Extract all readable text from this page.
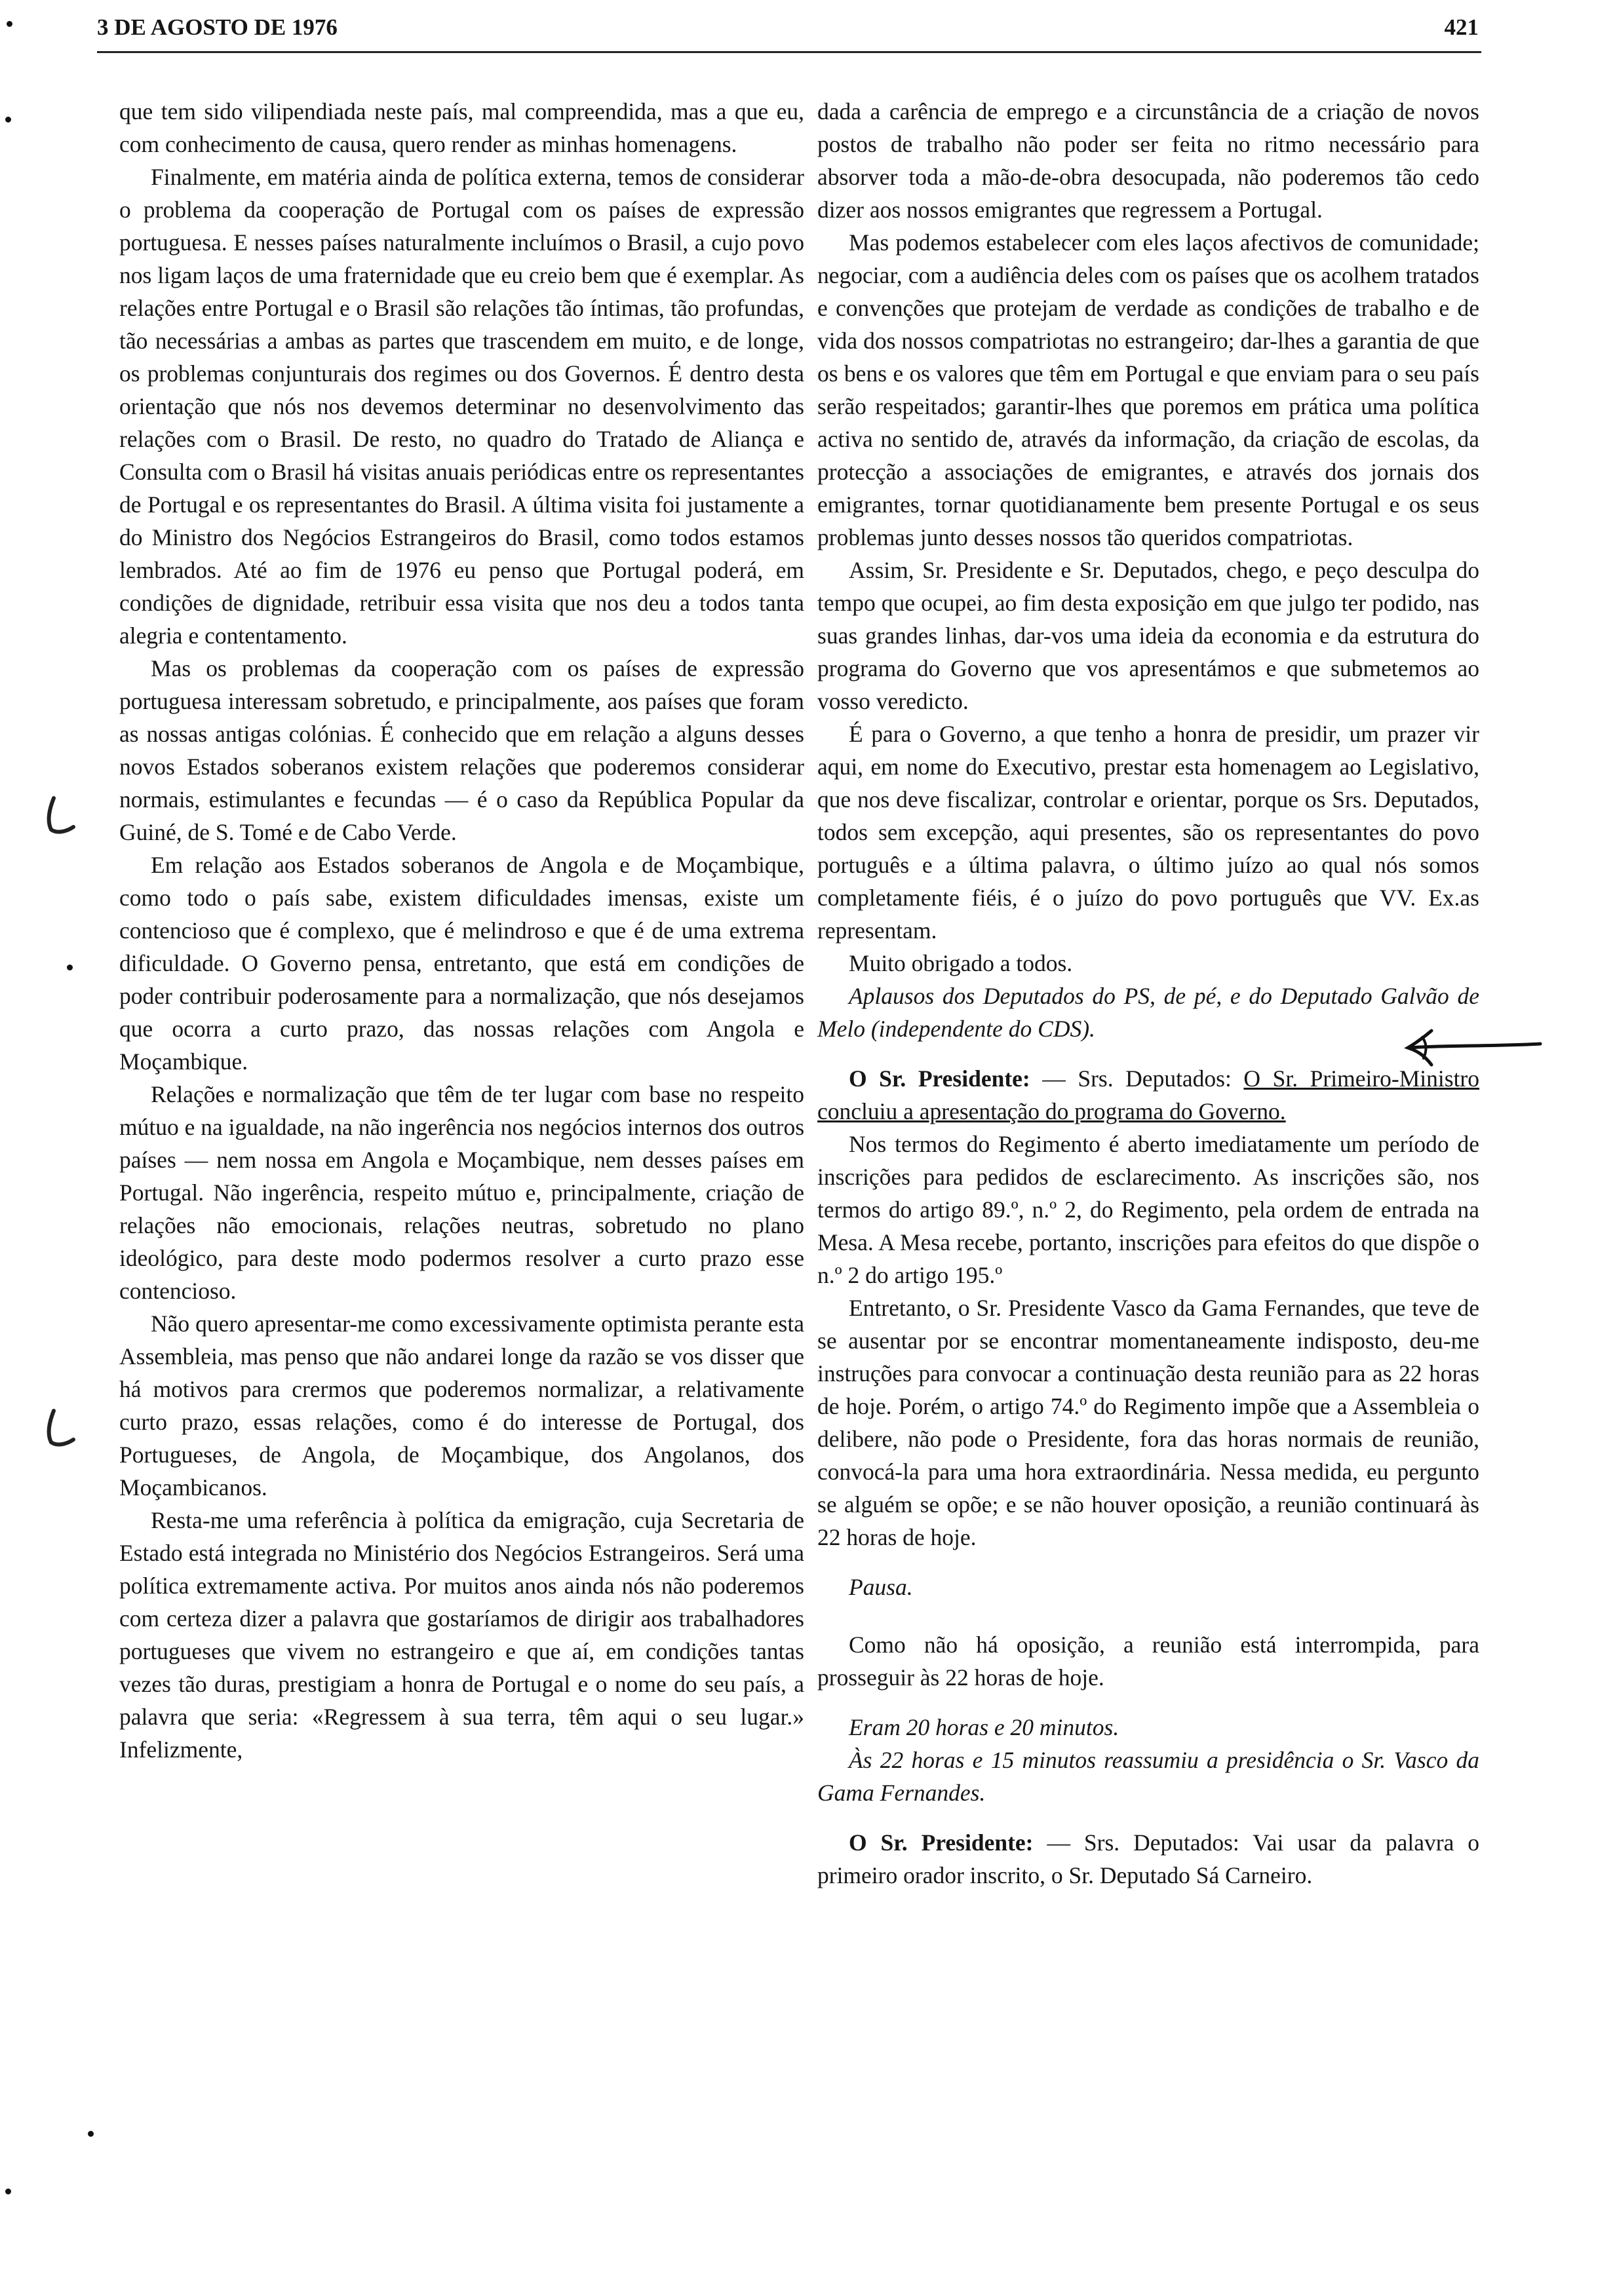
3 DE AGOSTO DE 1976	421

que tem sido vilipendiada neste país, mal compreendida, mas a que eu, com conhecimento de causa, quero render as minhas homenagens.

Finalmente, em matéria ainda de política externa, temos de considerar o problema da cooperação de Portugal com os países de expressão portuguesa. E nesses países naturalmente incluímos o Brasil, a cujo povo nos ligam laços de uma fraternidade que eu creio bem que é exemplar. As relações entre Portugal e o Brasil são relações tão íntimas, tão profundas, tão necessárias a ambas as partes que trascendem em muito, e de longe, os problemas conjunturais dos regimes ou dos Governos. É dentro desta orientação que nós nos devemos determinar no desenvolvimento das relações com o Brasil. De resto, no quadro do Tratado de Aliança e Consulta com o Brasil há visitas anuais periódicas entre os representantes de Portugal e os representantes do Brasil. A última visita foi justamente a do Ministro dos Negócios Estrangeiros do Brasil, como todos estamos lembrados. Até ao fim de 1976 eu penso que Portugal poderá, em condições de dignidade, retribuir essa visita que nos deu a todos tanta alegria e contentamento.

Mas os problemas da cooperação com os países de expressão portuguesa interessam sobretudo, e principalmente, aos países que foram as nossas antigas colónias. É conhecido que em relação a alguns desses novos Estados soberanos existem relações que poderemos considerar normais, estimulantes e fecundas — é o caso da República Popular da Guiné, de S. Tomé e de Cabo Verde.

Em relação aos Estados soberanos de Angola e de Moçambique, como todo o país sabe, existem dificuldades imensas, existe um contencioso que é complexo, que é melindroso e que é de uma extrema dificuldade. O Governo pensa, entretanto, que está em condições de poder contribuir poderosamente para a normalização, que nós desejamos que ocorra a curto prazo, das nossas relações com Angola e Moçambique.

Relações e normalização que têm de ter lugar com base no respeito mútuo e na igualdade, na não ingerência nos negócios internos dos outros países — nem nossa em Angola e Moçambique, nem desses países em Portugal. Não ingerência, respeito mútuo e, principalmente, criação de relações não emocionais, relações neutras, sobretudo no plano ideológico, para deste modo podermos resolver a curto prazo esse contencioso.

Não quero apresentar-me como excessivamente optimista perante esta Assembleia, mas penso que não andarei longe da razão se vos disser que há motivos para crermos que poderemos normalizar, a relativamente curto prazo, essas relações, como é do interesse de Portugal, dos Portugueses, de Angola, de Moçambique, dos Angolanos, dos Moçambicanos.

Resta-me uma referência à política da emigração, cuja Secretaria de Estado está integrada no Ministério dos Negócios Estrangeiros. Será uma política extremamente activa. Por muitos anos ainda nós não poderemos com certeza dizer a palavra que gostaríamos de dirigir aos trabalhadores portugueses que vivem no estrangeiro e que aí, em condições tantas vezes tão duras, prestigiam a honra de Portugal e o nome do seu país, a palavra que seria: «Regressem à sua terra, têm aqui o seu lugar.» Infelizmente,

dada a carência de emprego e a circunstância de a criação de novos postos de trabalho não poder ser feita no ritmo necessário para absorver toda a mão-de-obra desocupada, não poderemos tão cedo dizer aos nossos emigrantes que regressem a Portugal.

Mas podemos estabelecer com eles laços afectivos de comunidade; negociar, com a audiência deles com os países que os acolhem tratados e convenções que protejam de verdade as condições de trabalho e de vida dos nossos compatriotas no estrangeiro; dar-lhes a garantia de que os bens e os valores que têm em Portugal e que enviam para o seu país serão respeitados; garantir-lhes que poremos em prática uma política activa no sentido de, através da informação, da criação de escolas, da protecção a associações de emigrantes, e através dos jornais dos emigrantes, tornar quotidianamente bem presente Portugal e os seus problemas junto desses nossos tão queridos compatriotas.

Assim, Sr. Presidente e Sr. Deputados, chego, e peço desculpa do tempo que ocupei, ao fim desta exposição em que julgo ter podido, nas suas grandes linhas, dar-vos uma ideia da economia e da estrutura do programa do Governo que vos apresentámos e que submetemos ao vosso veredicto.

É para o Governo, a que tenho a honra de presidir, um prazer vir aqui, em nome do Executivo, prestar esta homenagem ao Legislativo, que nos deve fiscalizar, controlar e orientar, porque os Srs. Deputados, todos sem excepção, aqui presentes, são os representantes do povo português e a última palavra, o último juízo ao qual nós somos completamente fiéis, é o juízo do povo português que VV. Ex.as representam.

Muito obrigado a todos.

Aplausos dos Deputados do PS, de pé, e do Deputado Galvão de Melo (independente do CDS).

O Sr. Presidente: — Srs. Deputados: O Sr. Primeiro-Ministro concluiu a apresentação do programa do Governo.

Nos termos do Regimento é aberto imediatamente um período de inscrições para pedidos de esclarecimento. As inscrições são, nos termos do artigo 89.º, n.º 2, do Regimento, pela ordem de entrada na Mesa. A Mesa recebe, portanto, inscrições para efeitos do que dispõe o n.º 2 do artigo 195.º

Entretanto, o Sr. Presidente Vasco da Gama Fernandes, que teve de se ausentar por se encontrar momentaneamente indisposto, deu-me instruções para convocar a continuação desta reunião para as 22 horas de hoje. Porém, o artigo 74.º do Regimento impõe que a Assembleia o delibere, não pode o Presidente, fora das horas normais de reunião, convocá-la para uma hora extraordinária. Nessa medida, eu pergunto se alguém se opõe; e se não houver oposição, a reunião continuará às 22 horas de hoje.

Pausa.

Como não há oposição, a reunião está interrompida, para prosseguir às 22 horas de hoje.

Eram 20 horas e 20 minutos.

Às 22 horas e 15 minutos reassumiu a presidência o Sr. Vasco da Gama Fernandes.

O Sr. Presidente: — Srs. Deputados: Vai usar da palavra o primeiro orador inscrito, o Sr. Deputado Sá Carneiro.
